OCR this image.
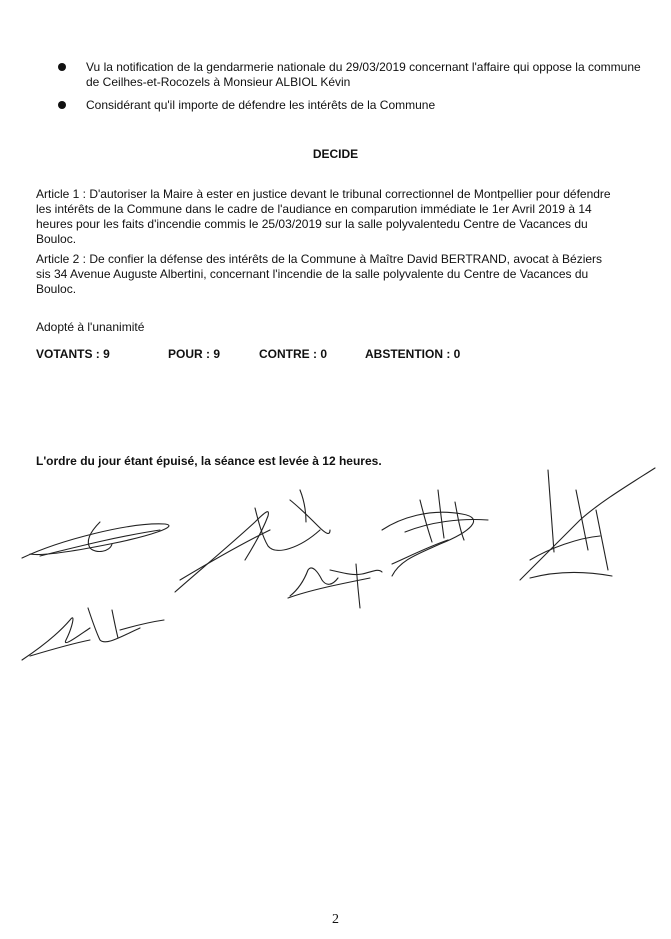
Vu la notification de la gendarmerie nationale du 29/03/2019 concernant l'affaire qui oppose la commune de Ceilhes-et-Rocozels à Monsieur ALBIOL Kévin
Considérant qu'il importe de défendre les intérêts de la Commune
DECIDE
Article 1 : D'autoriser la Maire à ester en justice devant le tribunal correctionnel de Montpellier pour défendre les intérêts de la Commune dans le cadre de l'audiance en comparution immédiate le 1er Avril 2019 à 14 heures pour les faits d'incendie commis le 25/03/2019 sur la salle polyvalentedu Centre de Vacances du Bouloc.
Article 2 : De confier la défense des intérêts de la Commune à Maître David BERTRAND, avocat à Béziers sis 34 Avenue Auguste Albertini, concernant l'incendie de la salle polyvalente du Centre de Vacances du Bouloc.
Adopté à l'unanimité
VOTANTS : 9	POUR : 9	CONTRE : 0	ABSTENTION : 0
L'ordre du jour étant épuisé, la séance est levée à 12 heures.
2
